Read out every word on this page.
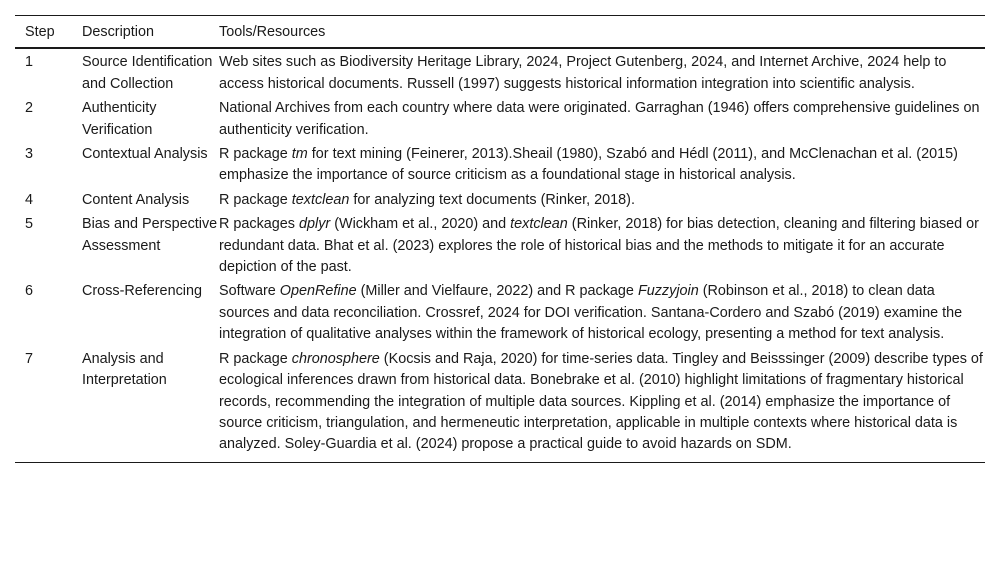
Step	Description	Tools/Resources
1	Source Identification and Collection	Web sites such as Biodiversity Heritage Library, 2024, Project Gutenberg, 2024, and Internet Archive, 2024 help to access historical documents. Russell (1997) suggests historical information integration into scientific analysis.
2	Authenticity Verification	National Archives from each country where data were originated. Garraghan (1946) offers comprehensive guidelines on authenticity verification.
3	Contextual Analysis	R package tm for text mining (Feinerer, 2013).Sheail (1980), Szabó and Hédl (2011), and McClenachan et al. (2015) emphasize the importance of source criticism as a foundational stage in historical analysis.
4	Content Analysis	R package textclean for analyzing text documents (Rinker, 2018).
5	Bias and Perspective Assessment	R packages dplyr (Wickham et al., 2020) and textclean (Rinker, 2018) for bias detection, cleaning and filtering biased or redundant data. Bhat et al. (2023) explores the role of historical bias and the methods to mitigate it for an accurate depiction of the past.
6	Cross-Referencing	Software OpenRefine (Miller and Vielfaure, 2022) and R package Fuzzyjoin (Robinson et al., 2018) to clean data sources and data reconciliation. Crossref, 2024 for DOI verification. Santana-Cordero and Szabó (2019) examine the integration of qualitative analyses within the framework of historical ecology, presenting a method for text analysis.
7	Analysis and Interpretation	R package chronosphere (Kocsis and Raja, 2020) for time-series data. Tingley and Beisssinger (2009) describe types of ecological inferences drawn from historical data. Bonebrake et al. (2010) highlight limitations of fragmentary historical records, recommending the integration of multiple data sources. Kippling et al. (2014) emphasize the importance of source criticism, triangulation, and hermeneutic interpretation, applicable in multiple contexts where historical data is analyzed. Soley-Guardia et al. (2024) propose a practical guide to avoid hazards on SDM.
